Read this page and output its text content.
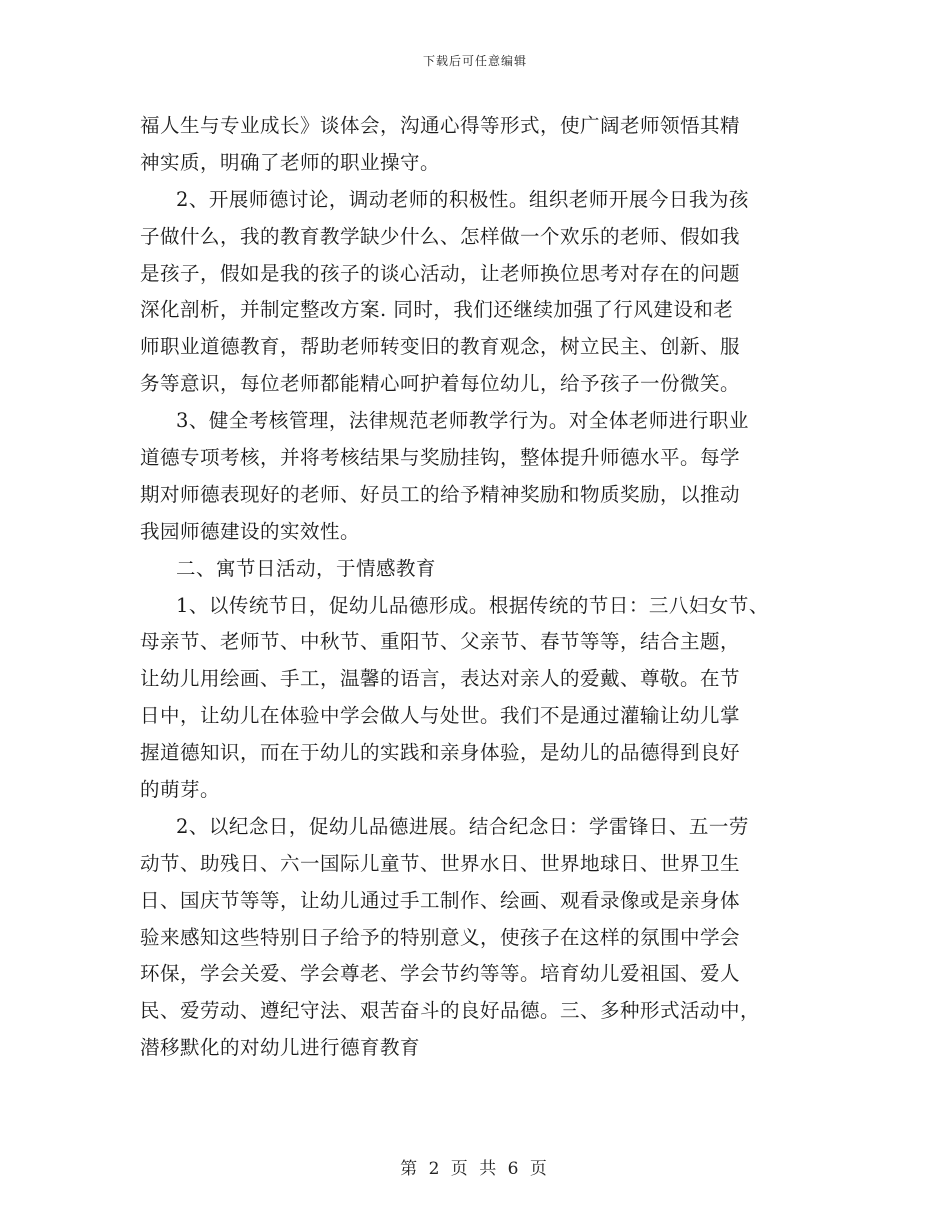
下载后可任意编辑
福人生与专业成长》谈体会，沟通心得等形式，使广阔老师领悟其精
神实质，明确了老师的职业操守。
2、开展师德讨论，调动老师的积极性。组织老师开展今日我为孩
子做什么，我的教育教学缺少什么、怎样做一个欢乐的老师、假如我
是孩子，假如是我的孩子的谈心活动，让老师换位思考对存在的问题
深化剖析，并制定整改方案. 同时，我们还继续加强了行风建设和老
师职业道德教育，帮助老师转变旧的教育观念，树立民主、创新、服
务等意识，每位老师都能精心呵护着每位幼儿，给予孩子一份微笑。
3、健全考核管理，法律规范老师教学行为。对全体老师进行职业
道德专项考核，并将考核结果与奖励挂钩，整体提升师德水平。每学
期对师德表现好的老师、好员工的给予精神奖励和物质奖励，以推动
我园师德建设的实效性。
二、寓节日活动，于情感教育
1、以传统节日，促幼儿品德形成。根据传统的节日：三八妇女节、
母亲节、老师节、中秋节、重阳节、父亲节、春节等等，结合主题，
让幼儿用绘画、手工，温馨的语言，表达对亲人的爱戴、尊敬。在节
日中，让幼儿在体验中学会做人与处世。我们不是通过灌输让幼儿掌
握道德知识，而在于幼儿的实践和亲身体验，是幼儿的品德得到良好
的萌芽。
2、以纪念日，促幼儿品德进展。结合纪念日：学雷锋日、五一劳
动节、助残日、六一国际儿童节、世界水日、世界地球日、世界卫生
日、国庆节等等，让幼儿通过手工制作、绘画、观看录像或是亲身体
验来感知这些特别日子给予的特别意义，使孩子在这样的氛围中学会
环保，学会关爱、学会尊老、学会节约等等。培育幼儿爱祖国、爱人
民、爱劳动、遵纪守法、艰苦奋斗的良好品德。三、多种形式活动中，
潜移默化的对幼儿进行德育教育
第 2 页 共 6 页
